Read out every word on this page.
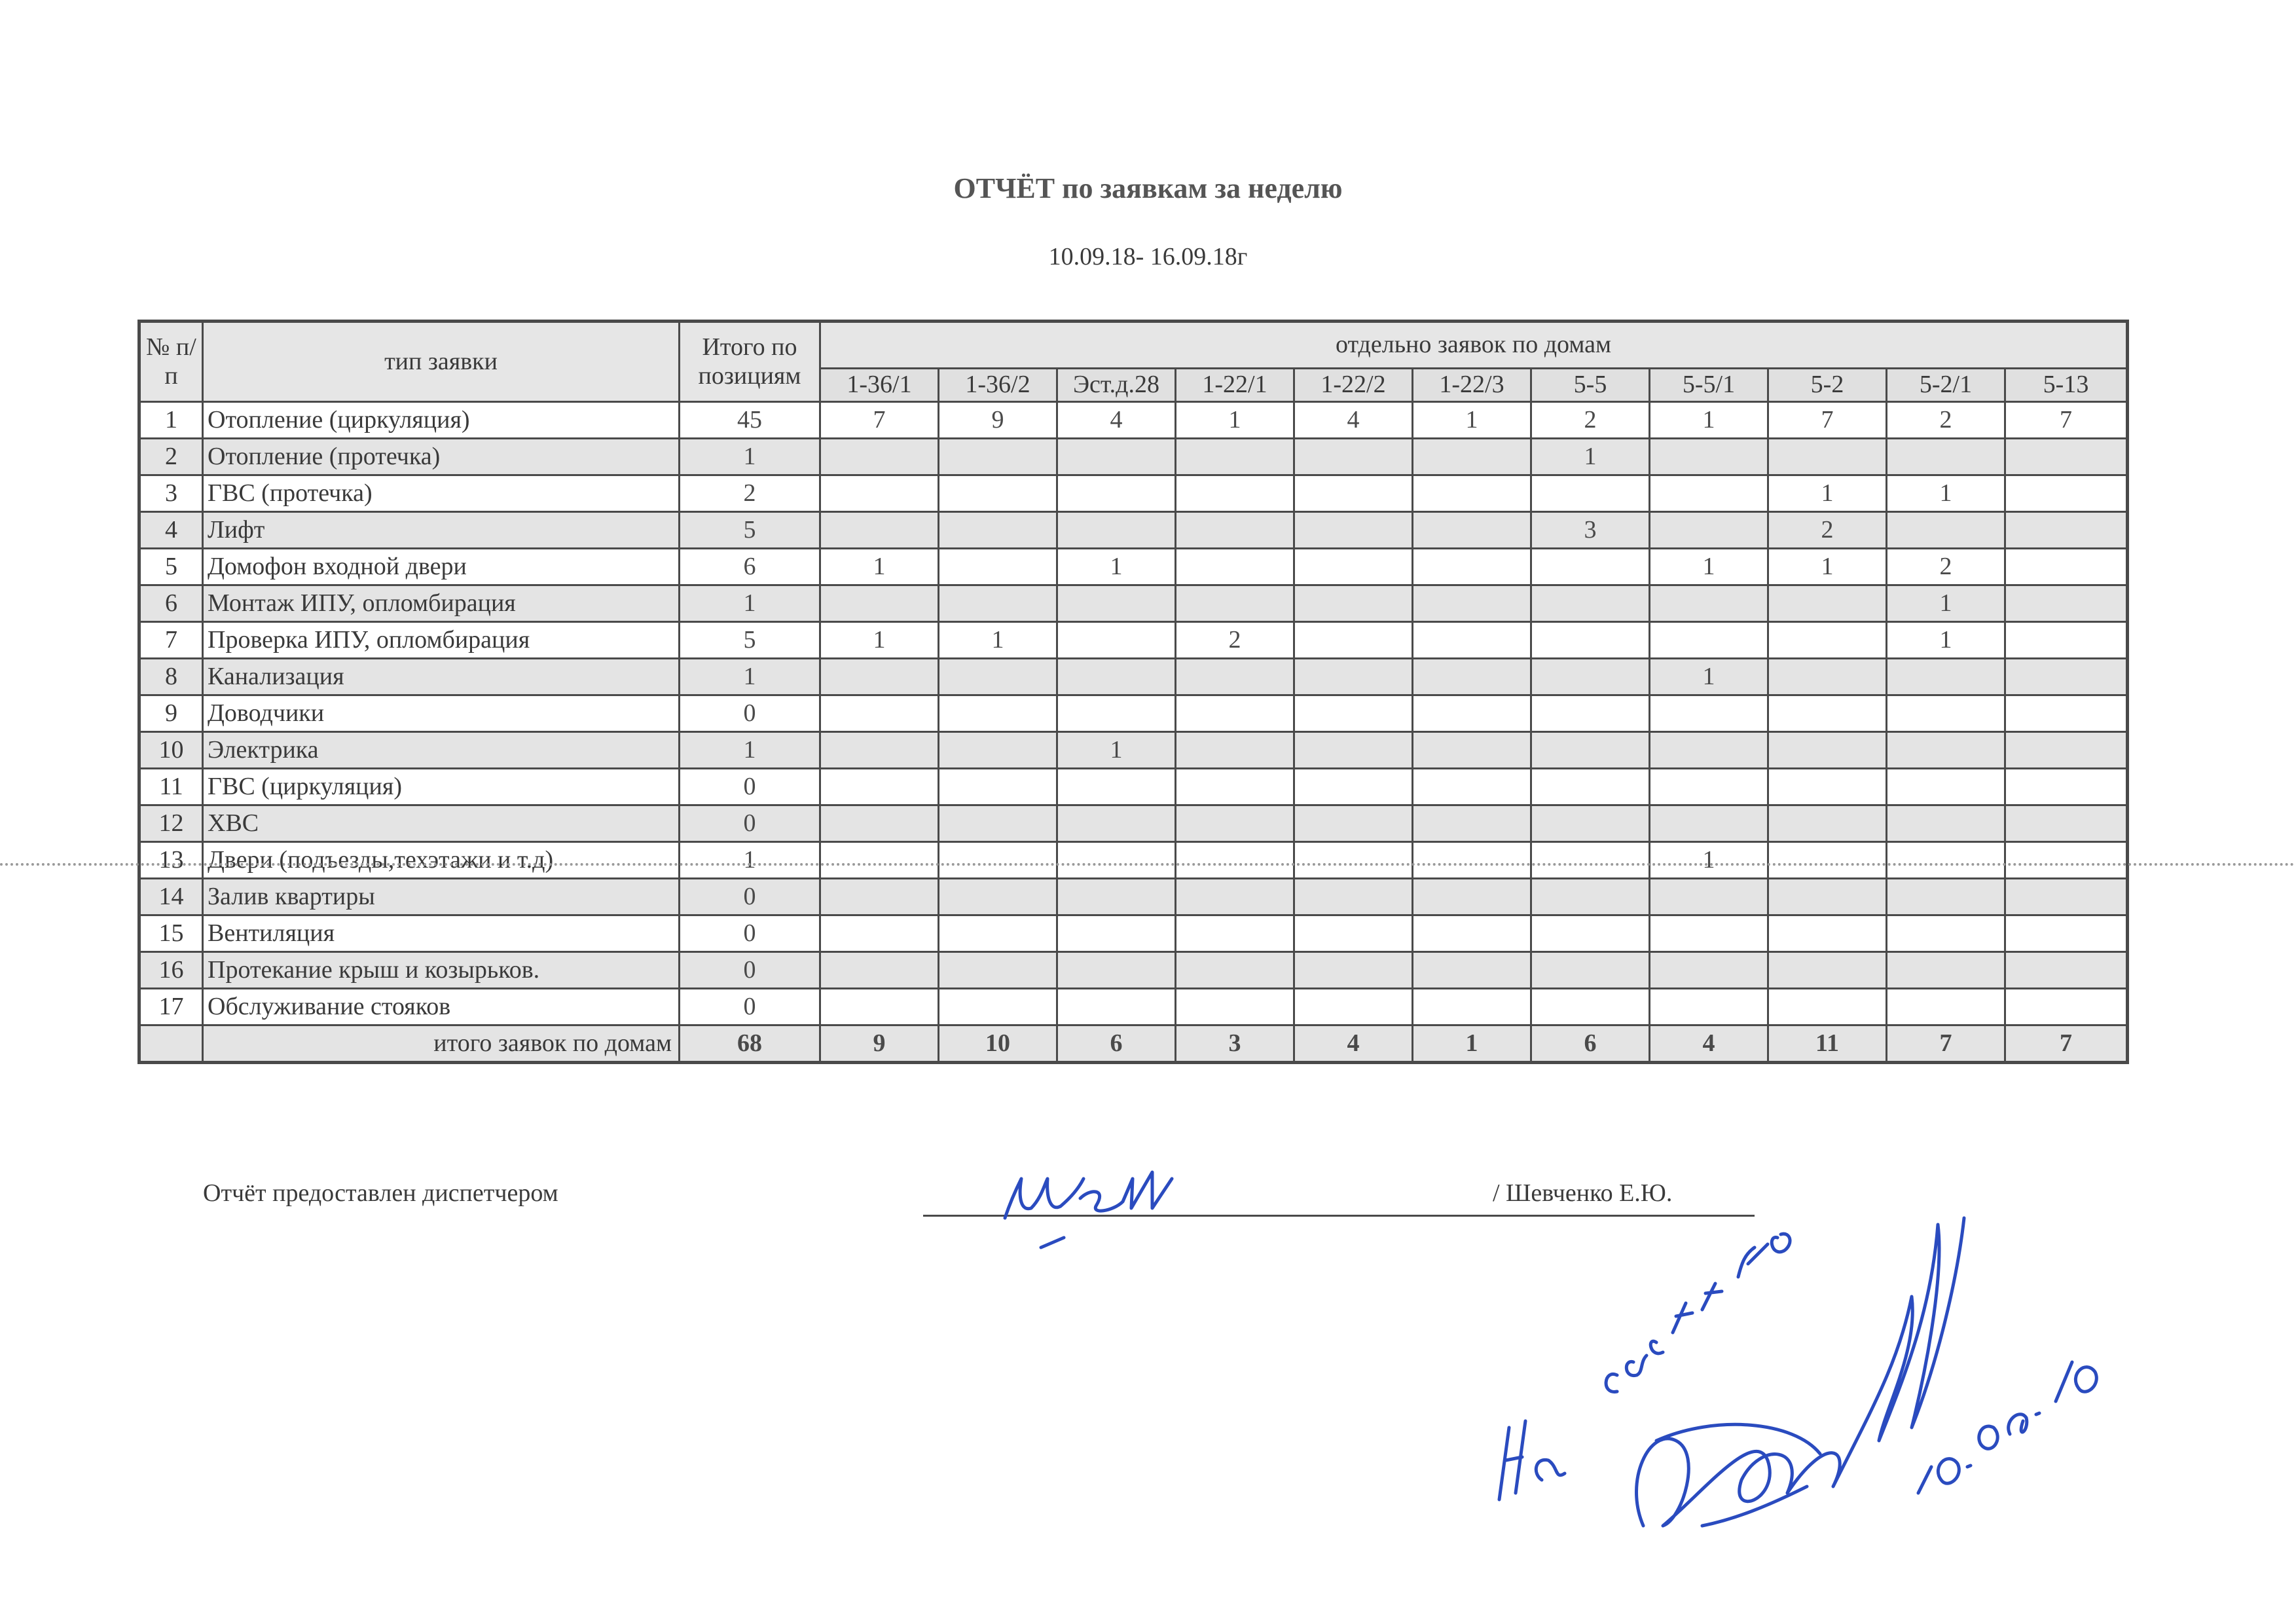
ОТЧЁТ по заявкам за неделю
10.09.18- 16.09.18г
№ п/п	тип заявки	Итого по позициям	отдельно заявок по домам										
			1-36/1	1-36/2	Эст.д.28	1-22/1	1-22/2	1-22/3	5-5	5-5/1	5-2	5-2/1	5-13
1	Отопление (циркуляция)	45	7	9	4	1	4	1	2	1	7	2	7
2	Отопление (протечка)	1							1				
3	ГВС (протечка)	2									1	1	
4	Лифт	5							3		2		
5	Домофон входной двери	6	1		1					1	1	2	
6	Монтаж ИПУ, опломбирация	1										1	
7	Проверка ИПУ, опломбирация	5	1	1		2						1	
8	Канализация	1								1			
9	Доводчики	0											
10	Электрика	1			1								
11	ГВС (циркуляция)	0											
12	ХВС	0											
13	Двери (подъезды,техэтажи и т.д)	1								1			
14	Залив квартиры	0											
15	Вентиляция	0											
16	Протекание крыш и козырьков.	0											
17	Обслуживание стояков	0											
	итого заявок по домам	68	9	10	6	3	4	1	6	4	11	7	7
Отчёт предоставлен диспетчером	/ Шевченко Е.Ю.
